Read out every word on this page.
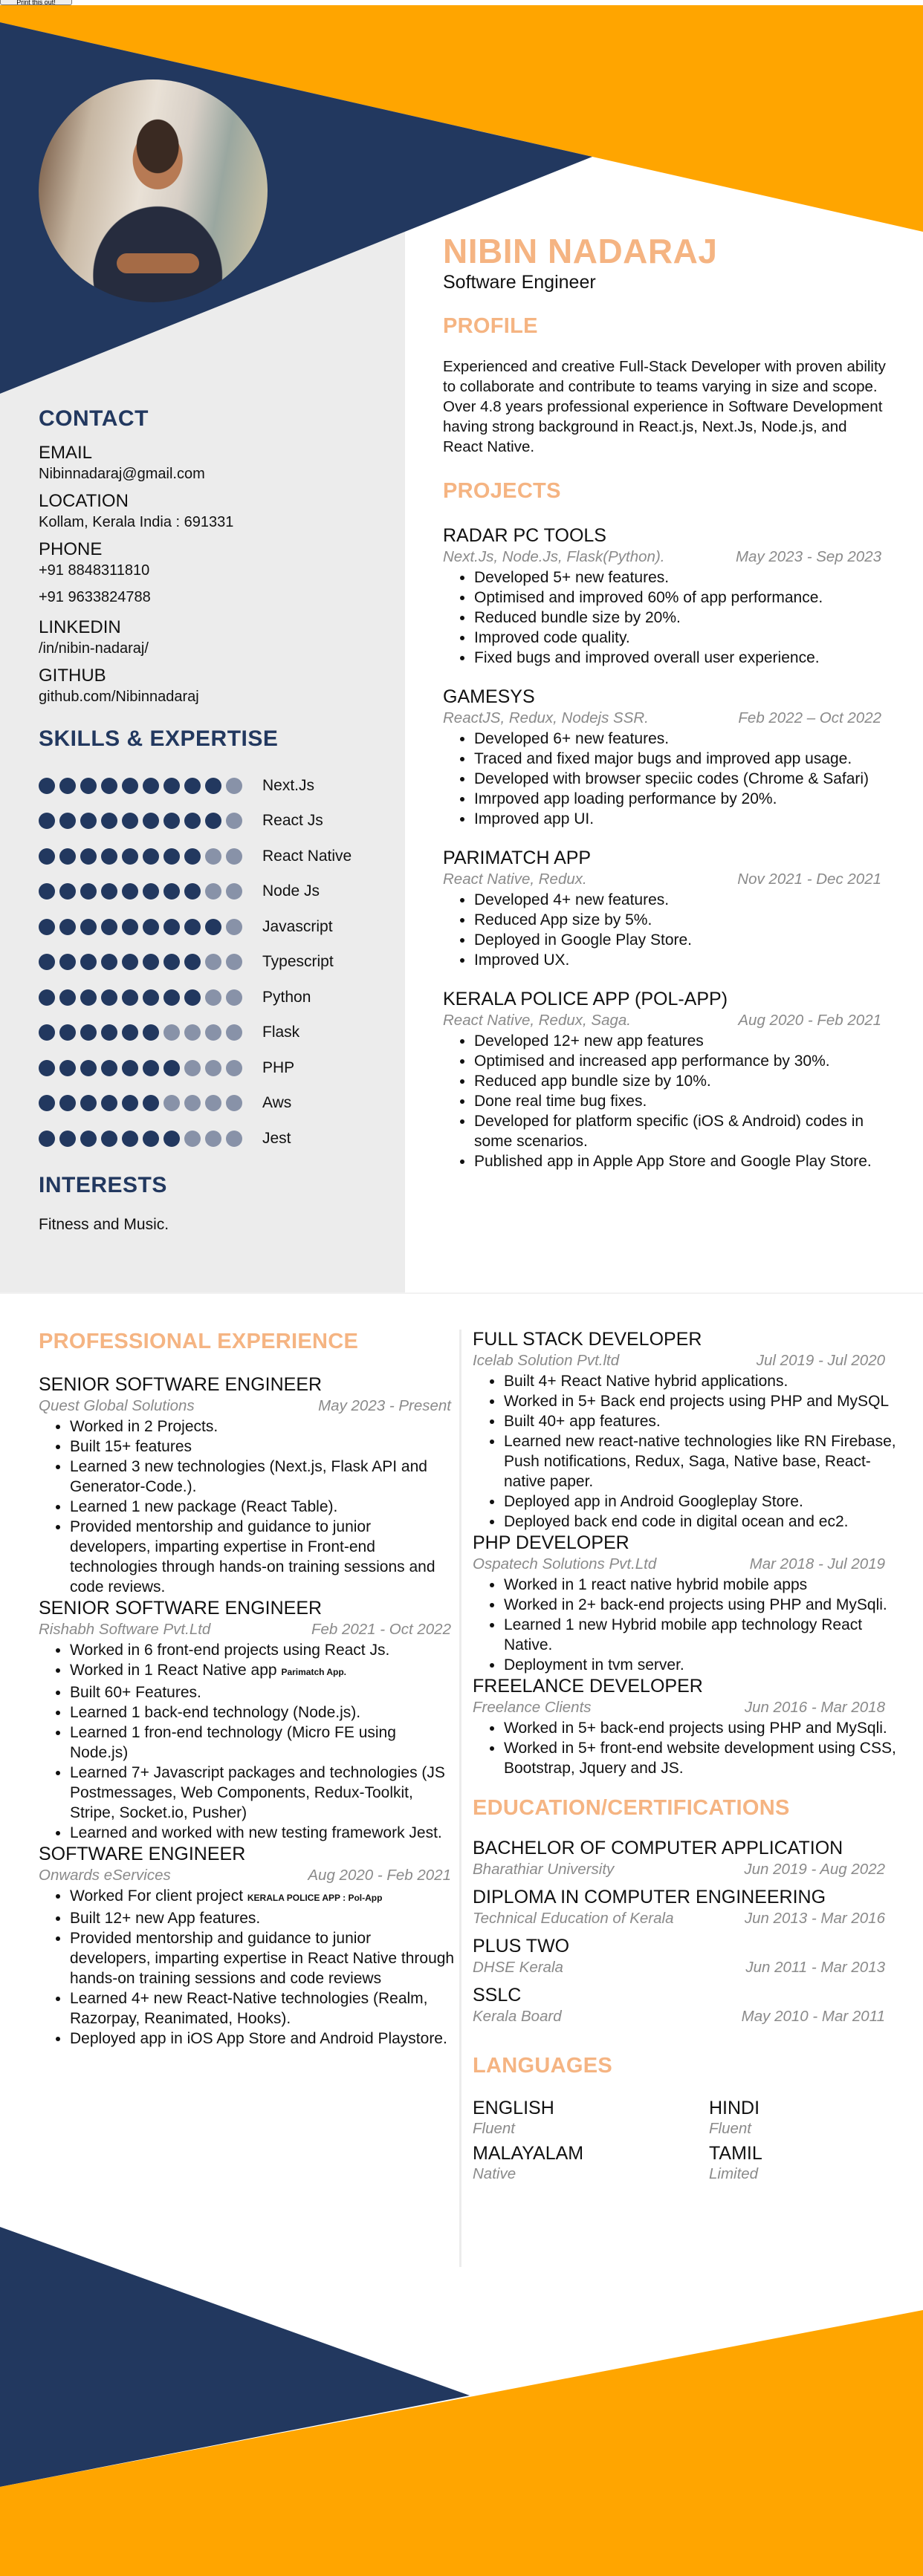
Print this out!
CONTACT
EMAIL
Nibinnadaraj@gmail.com
LOCATION
Kollam, Kerala India : 691331
PHONE
+91 8848311810
+91 9633824788
LINKEDIN
/in/nibin-nadaraj/
GITHUB
github.com/Nibinnadaraj
SKILLS & EXPERTISE
Next.Js
React Js
React Native
Node Js
Javascript
Typescript
Python
Flask
PHP
Aws
Jest
INTERESTS

Fitness and Music.

NIBIN NADARAJ
Software Engineer
PROFILE

Experienced and creative Full-Stack Developer with proven ability to collaborate and contribute to teams varying in size and scope. Over 4.8 years professional experience in Software Development having strong background in React.js, Next.Js, Node.js, and React Native.

PROJECTS
RADAR PC TOOLS
Next.Js, Node.Js, Flask(Python).	May 2023 - Sep 2023
• Developed 5+ new features.
• Optimised and improved 60% of app performance.
• Reduced bundle size by 20%.
• Improved code quality.
• Fixed bugs and improved overall user experience.
GAMESYS
ReactJS, Redux, Nodejs SSR.	Feb 2022 – Oct 2022
• Developed 6+ new features.
• Traced and fixed major bugs and improved app usage.
• Developed with browser speciic codes (Chrome & Safari)
• Imrpoved app loading performance by 20%.
• Improved app UI.
PARIMATCH APP
React Native, Redux.	Nov 2021 - Dec 2021
• Developed 4+ new features.
• Reduced App size by 5%.
• Deployed in Google Play Store.
• Improved UX.
KERALA POLICE APP (POL-APP)
React Native, Redux, Saga.	Aug 2020 - Feb 2021
• Developed 12+ new app features
• Optimised and increased app performance by 30%.
• Reduced app bundle size by 10%.
• Done real time bug fixes.
• Developed for platform specific (iOS & Android) codes in some scenarios.
• Published app in Apple App Store and Google Play Store.
PROFESSIONAL EXPERIENCE
SENIOR SOFTWARE ENGINEER
Quest Global Solutions	May 2023 - Present
• Worked in 2 Projects.
• Built 15+ features
• Learned 3 new technologies (Next.js, Flask API and Generator-Code.).
• Learned 1 new package (React Table).
• Provided mentorship and guidance to junior developers, imparting expertise in Front-end technologies through hands-on training sessions and code reviews.
SENIOR SOFTWARE ENGINEER
Rishabh Software Pvt.Ltd	Feb 2021 - Oct 2022
• Worked in 6 front-end projects using React Js.
• Worked in 1 React Native app Parimatch App.
• Built 60+ Features.
• Learned 1 back-end technology (Node.js).
• Learned 1 fron-end technology (Micro FE using Node.js)
• Learned 7+ Javascript packages and technologies (JS Postmessages, Web Components, Redux-Toolkit, Stripe, Socket.io, Pusher)
• Learned and worked with new testing framework Jest.
SOFTWARE ENGINEER
Onwards eServices	Aug 2020 - Feb 2021
• Worked For client project KERALA POLICE APP : Pol-App
• Built 12+ new App features.
• Provided mentorship and guidance to junior developers, imparting expertise in React Native through hands-on training sessions and code reviews
• Learned 4+ new React-Native technologies (Realm, Razorpay, Reanimated, Hooks).
• Deployed app in iOS App Store and Android Playstore.
FULL STACK DEVELOPER
Icelab Solution Pvt.ltd	Jul 2019 - Jul 2020
• Built 4+ React Native hybrid applications.
• Worked in 5+ Back end projects using PHP and MySQL
• Built 40+ app features.
• Learned new react-native technologies like RN Firebase, Push notifications, Redux, Saga, Native base, React-native paper.
• Deployed app in Android Googleplay Store.
• Deployed back end code in digital ocean and ec2.
PHP DEVELOPER
Ospatech Solutions Pvt.Ltd	Mar 2018 - Jul 2019
• Worked in 1 react native hybrid mobile apps
• Worked in 2+ back-end projects using PHP and MySqli.
• Learned 1 new Hybrid mobile app technology React Native.
• Deployment in tvm server.
FREELANCE DEVELOPER
Freelance Clients	Jun 2016 - Mar 2018
• Worked in 5+ back-end projects using PHP and MySqli.
• Worked in 5+ front-end website development using CSS, Bootstrap, Jquery and JS.
EDUCATION/CERTIFICATIONS
BACHELOR OF COMPUTER APPLICATION
Bharathiar University	Jun 2019 - Aug 2022
DIPLOMA IN COMPUTER ENGINEERING
Technical Education of Kerala	Jun 2013 - Mar 2016
PLUS TWO
DHSE Kerala	Jun 2011 - Mar 2013
SSLC
Kerala Board	May 2010 - Mar 2011
LANGUAGES
ENGLISH
Fluent
HINDI
Fluent
MALAYALAM
Native
TAMIL
Limited
